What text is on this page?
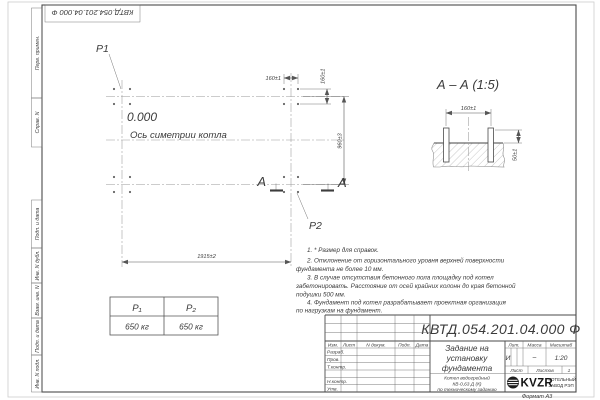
КВТД.054.201.04.000 Ф
Перв. примен.
Справ. N
Подп. и дата
Инв. N дубл.
Взам. инв. N
Подп. и дата
Инв. N подл.
P1
P2
0.000
Ось симетрии котла
160±1	160±1
960±3
1915±2
А	А
А – А (1:5)
160±1
50±1
P₁	P₂
650 кг	650 кг
1. * Размер для справок.
2. Отклонение от горизонтального уровня верхней поверхности
фундамента не более 10 мм.
3. В случае отсутствия бетонного пола площадку под котел
забетонировать. Расстояние от осей крайних колонн до края бетонной
подушки 500 мм.
4. Фундамент под котел разрабатывает проектная организация
по нагрузкам на фундамент.
КВТД.054.201.04.000 Ф
Изм. Лист N докум.	Подп. Дата
Разраб.
Пров.
Т.контр.
Н.контр.
Утв.
Задание на
установку
фундамента
Котел водогрейный
КВ-0,63 Д (К)
по техническому заданию
Лит. Масса Масштаб
И	–	1:20
Лист	Листов	1
KVZR
КОТЕЛЬНЫЙ
ЗАВОД РЭП
Формат А3
